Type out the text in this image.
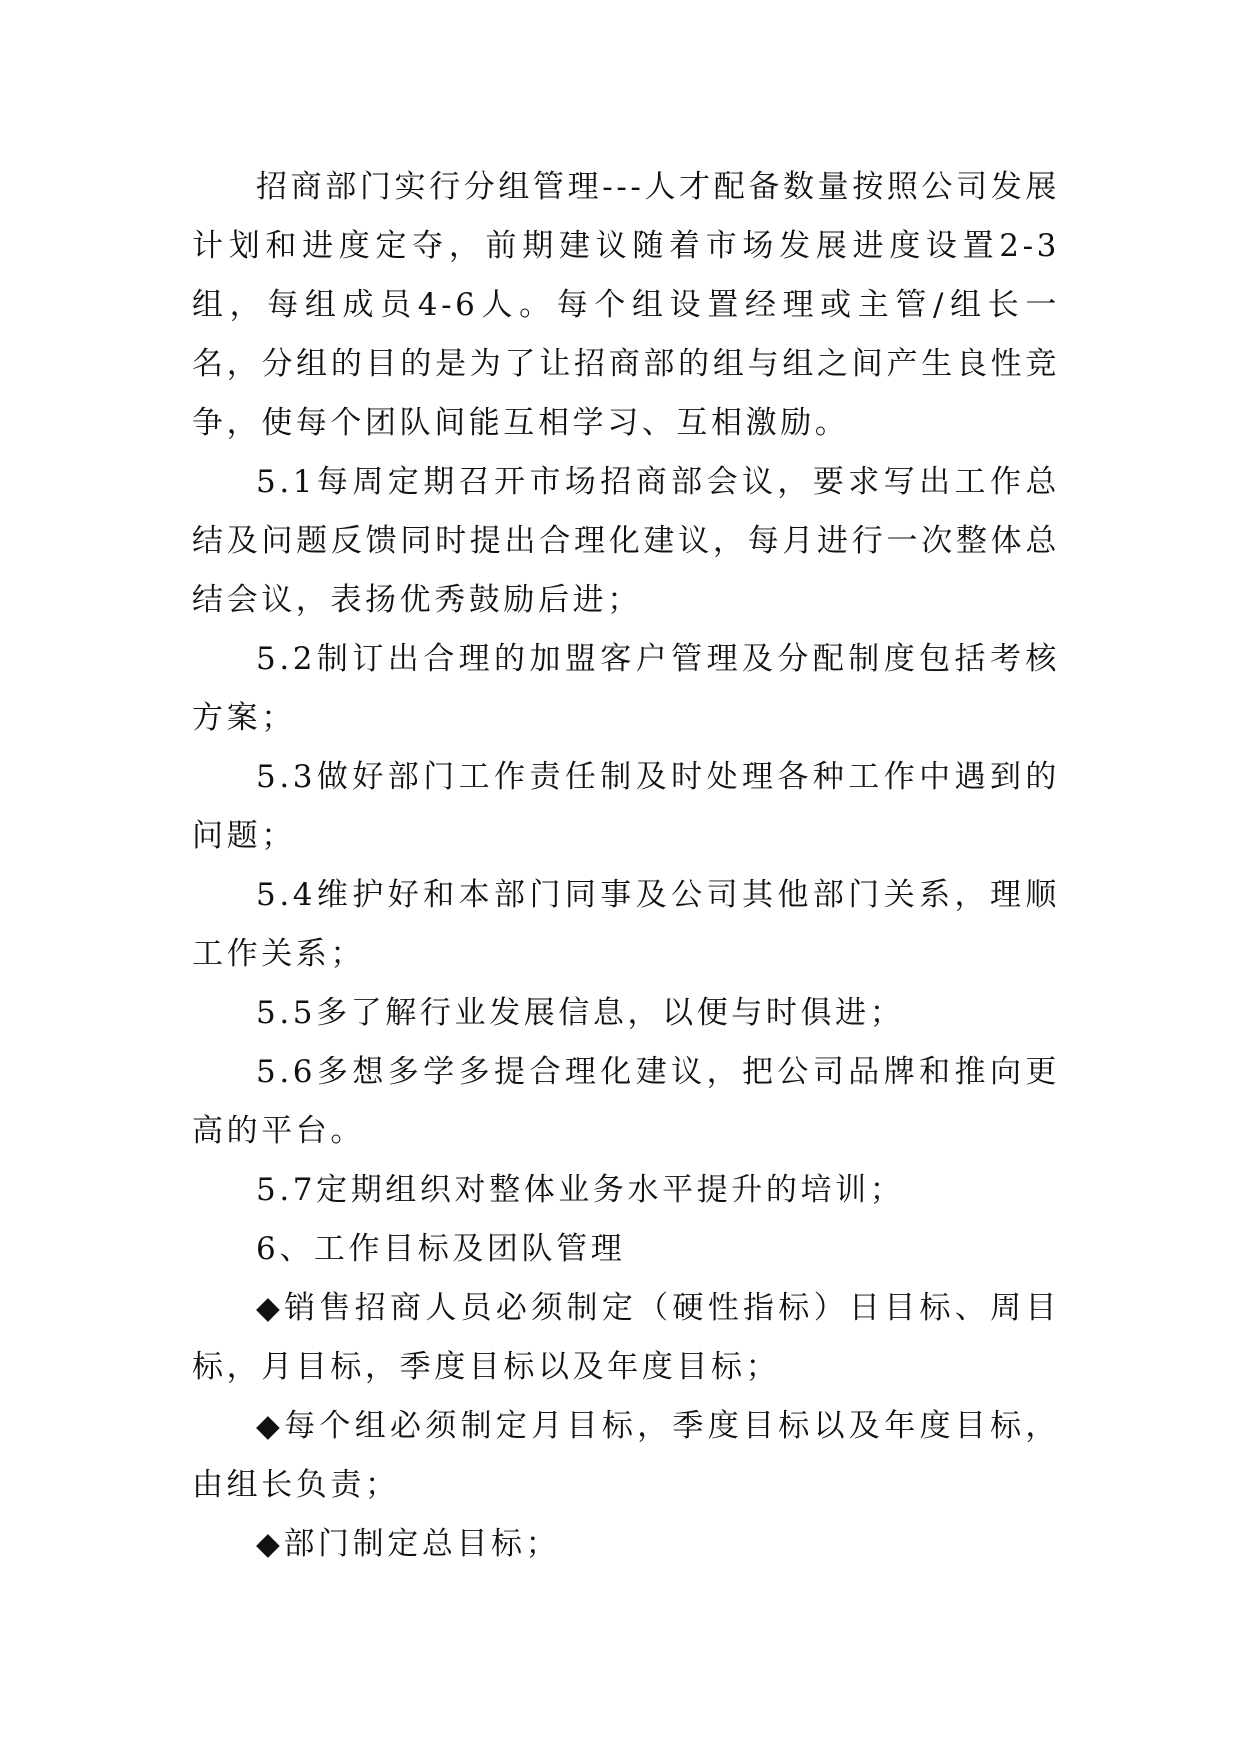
招商部门实行分组管理---人才配备数量按照公司发展计划和进度定夺，前期建议随着市场发展进度设置2-3组，每组成员4-6人。每个组设置经理或主管/组长一名，分组的目的是为了让招商部的组与组之间产生良性竞争，使每个团队间能互相学习、互相激励。

5.1每周定期召开市场招商部会议，要求写出工作总结及问题反馈同时提出合理化建议，每月进行一次整体总结会议，表扬优秀鼓励后进；

5.2制订出合理的加盟客户管理及分配制度包括考核方案；

5.3做好部门工作责任制及时处理各种工作中遇到的问题；

5.4维护好和本部门同事及公司其他部门关系，理顺工作关系；

5.5多了解行业发展信息，以便与时俱进；

5.6多想多学多提合理化建议，把公司品牌和推向更高的平台。

5.7定期组织对整体业务水平提升的培训；

6、工作目标及团队管理

◆销售招商人员必须制定（硬性指标）日目标、周目标，月目标，季度目标以及年度目标；

◆每个组必须制定月目标，季度目标以及年度目标，由组长负责；

◆部门制定总目标；
